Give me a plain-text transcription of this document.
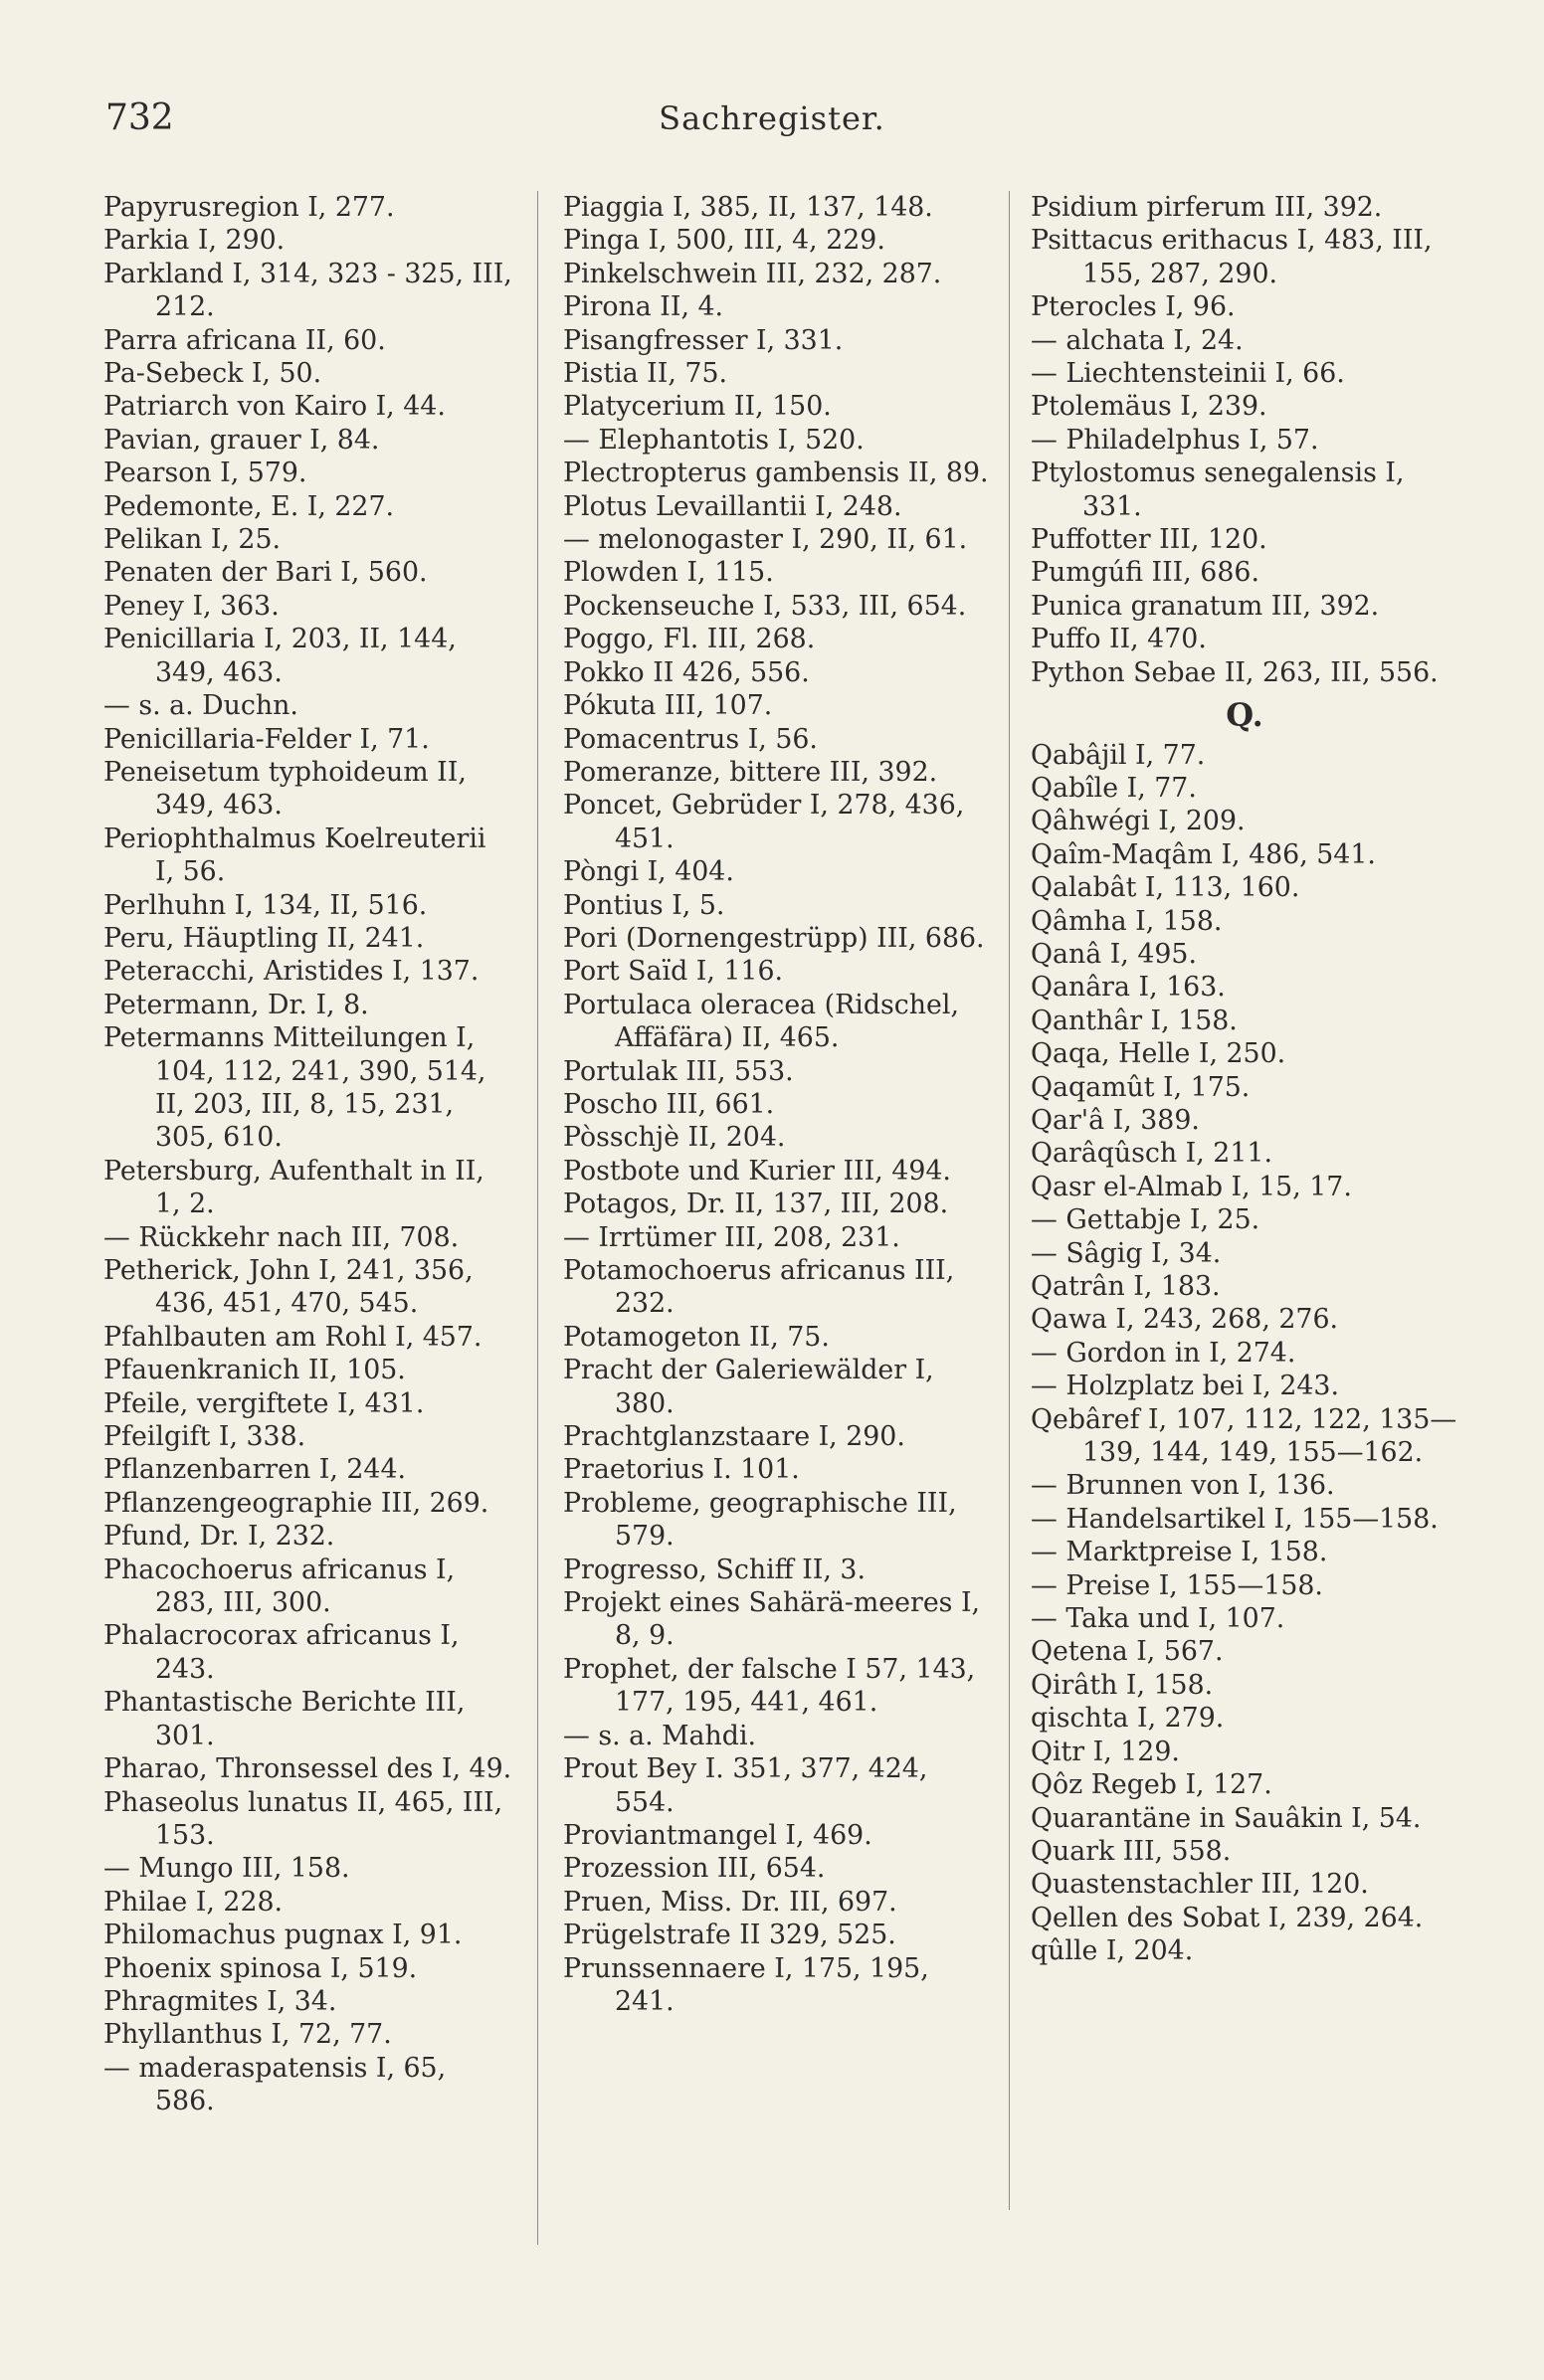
732	Sachregister.
Papyrusregion I, 277.
Parkia I, 290.
Parkland I, 314, 323 - 325, III, 212.
Parra africana II, 60.
Pa-Sebeck I, 50.
Patriarch von Kairo I, 44.
Pavian, grauer I, 84.
Pearson I, 579.
Pedemonte, E. I, 227.
Pelikan I, 25.
Penaten der Bari I, 560.
Peney I, 363.
Penicillaria I, 203, II, 144, 349, 463.
— s. a. Duchn.
Penicillaria-Felder I, 71.
Peneisetum typhoideum II, 349, 463.
Periophthalmus Koelreuterii I, 56.
Perlhuhn I, 134, II, 516.
Peru, Häuptling II, 241.
Peteracchi, Aristides I, 137.
Petermann, Dr. I, 8.
Petermanns Mitteilungen I, 104, 112, 241, 390, 514, II, 203, III, 8, 15, 231, 305, 610.
Petersburg, Aufenthalt in II, 1, 2.
— Rückkehr nach III, 708.
Petherick, John I, 241, 356, 436, 451, 470, 545.
Pfahlbauten am Rohl I, 457.
Pfauenkranich II, 105.
Pfeile, vergiftete I, 431.
Pfeilgift I, 338.
Pflanzenbarren I, 244.
Pflanzengeographie III, 269.
Pfund, Dr. I, 232.
Phacochoerus africanus I, 283, III, 300.
Phalacrocorax africanus I, 243.
Phantastische Berichte III, 301.
Pharao, Thronsessel des I, 49.
Phaseolus lunatus II, 465, III, 153.
— Mungo III, 158.
Philae I, 228.
Philomachus pugnax I, 91.
Phoenix spinosa I, 519.
Phragmites I, 34.
Phyllanthus I, 72, 77.
— maderaspatensis I, 65, 586.
Piaggia I, 385, II, 137, 148.
Pinga I, 500, III, 4, 229.
Pinkelschwein III, 232, 287.
Pirona II, 4.
Pisangfresser I, 331.
Pistia II, 75.
Platycerium II, 150.
— Elephantotis I, 520.
Plectropterus gambensis II, 89.
Plotus Levaillantii I, 248.
— melonogaster I, 290, II, 61.
Plowden I, 115.
Pockenseuche I, 533, III, 654.
Poggo, Fl. III, 268.
Pokko II 426, 556.
Pókuta III, 107.
Pomacentrus I, 56.
Pomeranze, bittere III, 392.
Poncet, Gebrüder I, 278, 436, 451.
Pòngi I, 404.
Pontius I, 5.
Pori (Dornengestrüpp) III, 686.
Port Saïd I, 116.
Portulaca oleracea (Ridschel, Affäfära) II, 465.
Portulak III, 553.
Poscho III, 661.
Pòsschjè II, 204.
Postbote und Kurier III, 494.
Potagos, Dr. II, 137, III, 208.
— Irrtümer III, 208, 231.
Potamochoerus africanus III, 232.
Potamogeton II, 75.
Pracht der Galeriewälder I, 380.
Prachtglanzstaare I, 290.
Praetorius I. 101.
Probleme, geographische III, 579.
Progresso, Schiff II, 3.
Projekt eines Sahärä-meeres I, 8, 9.
Prophet, der falsche I 57, 143, 177, 195, 441, 461.
— s. a. Mahdi.
Prout Bey I. 351, 377, 424, 554.
Proviantmangel I, 469.
Prozession III, 654.
Pruen, Miss. Dr. III, 697.
Prügelstrafe II 329, 525.
Prunssennaere I, 175, 195, 241.
Psidium pirferum III, 392.
Psittacus erithacus I, 483, III, 155, 287, 290.
Pterocles I, 96.
— alchata I, 24.
— Liechtensteinii I, 66.
Ptolemäus I, 239.
— Philadelphus I, 57.
Ptylostomus senegalensis I, 331.
Puffotter III, 120.
Pumgúfi III, 686.
Punica granatum III, 392.
Puffo II, 470.
Python Sebae II, 263, III, 556.
Q.
Qabâjil I, 77.
Qabîle I, 77.
Qâhwégi I, 209.
Qaîm-Maqâm I, 486, 541.
Qalabât I, 113, 160.
Qâmha I, 158.
Qanâ I, 495.
Qanâra I, 163.
Qanthâr I, 158.
Qaqa, Helle I, 250.
Qaqamût I, 175.
Qar'â I, 389.
Qarâqûsch I, 211.
Qasr el-Almab I, 15, 17.
— Gettabje I, 25.
— Sâgig I, 34.
Qatrân I, 183.
Qawa I, 243, 268, 276.
— Gordon in I, 274.
— Holzplatz bei I, 243.
Qebâref I, 107, 112, 122, 135—139, 144, 149, 155—162.
— Brunnen von I, 136.
— Handelsartikel I, 155—158.
— Marktpreise I, 158.
— Preise I, 155—158.
— Taka und I, 107.
Qetena I, 567.
Qirâth I, 158.
qischta I, 279.
Qitr I, 129.
Qôz Regeb I, 127.
Quarantäne in Sauâkin I, 54.
Quark III, 558.
Quastenstachler III, 120.
Qellen des Sobat I, 239, 264.
qûlle I, 204.
